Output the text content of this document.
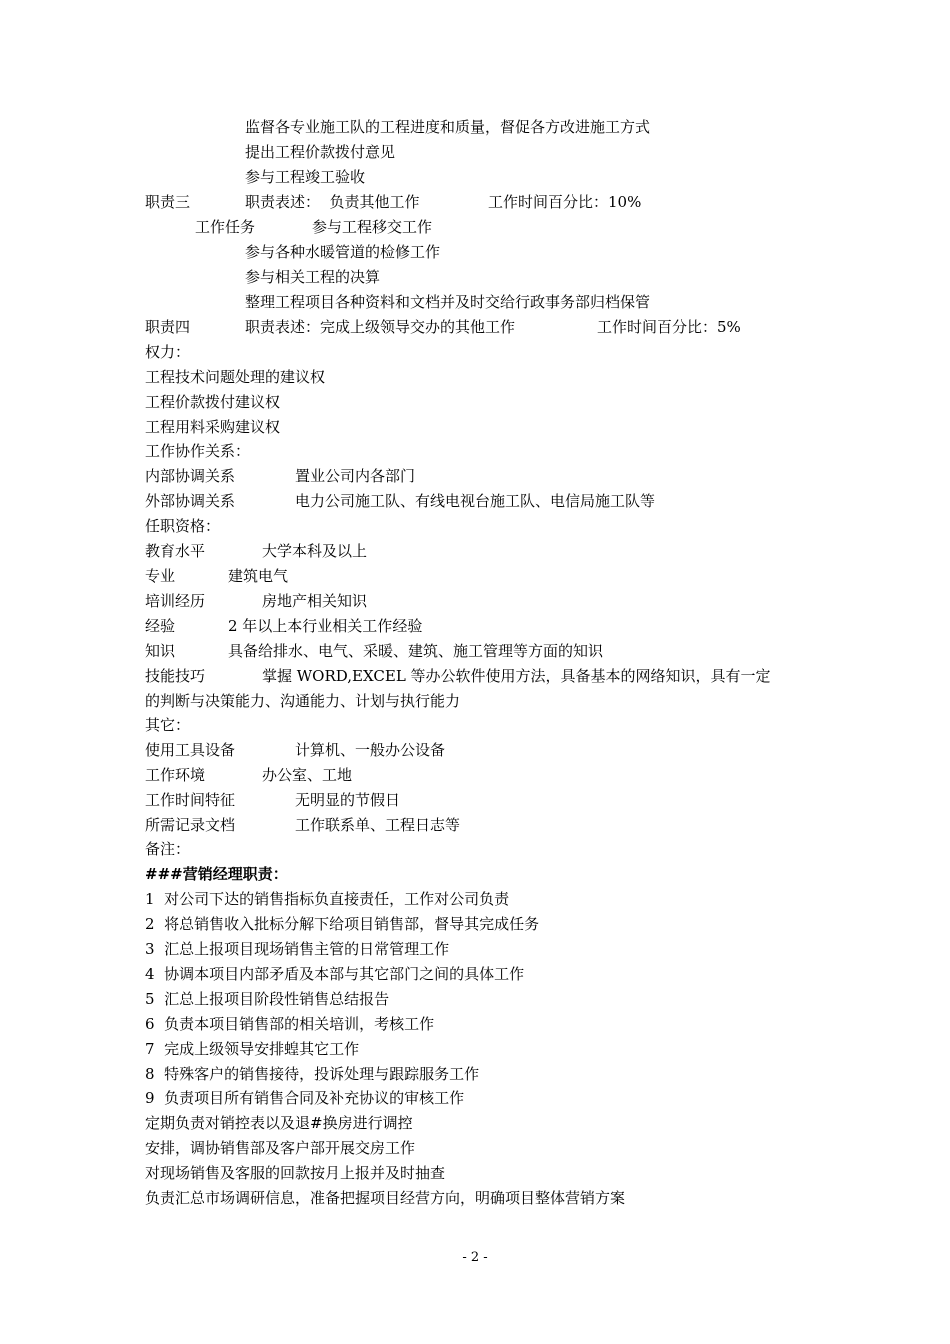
监督各专业施工队的工程进度和质量，督促各方改进施工方式
提出工程价款拨付意见
参与工程竣工验收
职责三	职责表述：  负责其他工作	工作时间百分比：10%
工作任务	参与工程移交工作
参与各种水暖管道的检修工作
参与相关工程的决算
整理工程项目各种资料和文档并及时交给行政事务部归档保管
职责四	职责表述：完成上级领导交办的其他工作	工作时间百分比：5%
权力：
工程技术问题处理的建议权
工程价款拨付建议权
工程用料采购建议权
工作协作关系：
内部协调关系	置业公司内各部门
外部协调关系	电力公司施工队、有线电视台施工队、电信局施工队等
任职资格：
教育水平	大学本科及以上
专业	建筑电气
培训经历	房地产相关知识
经验	2 年以上本行业相关工作经验
知识	具备给排水、电气、采暖、建筑、施工管理等方面的知识
技能技巧	掌握 WORD,EXCEL 等办公软件使用方法，具备基本的网络知识，具有一定
的判断与决策能力、沟通能力、计划与执行能力
其它：
使用工具设备	计算机、一般办公设备
工作环境	办公室、工地
工作时间特征	无明显的节假日
所需记录文档	工作联系单、工程日志等
备注：
###营销经理职责：
1  对公司下达的销售指标负直接责任，工作对公司负责
2  将总销售收入批标分解下给项目销售部，督导其完成任务
3  汇总上报项目现场销售主管的日常管理工作
4  协调本项目内部矛盾及本部与其它部门之间的具体工作
5  汇总上报项目阶段性销售总结报告
6  负责本项目销售部的相关培训，考核工作
7  完成上级领导安排蝗其它工作
8  特殊客户的销售接待，投诉处理与跟踪服务工作
9  负责项目所有销售合同及补充协议的审核工作
定期负责对销控表以及退#换房进行调控
安排，调协销售部及客户部开展交房工作
对现场销售及客服的回款按月上报并及时抽查
负责汇总市场调研信息，准备把握项目经营方向，明确项目整体营销方案
- 2 -
